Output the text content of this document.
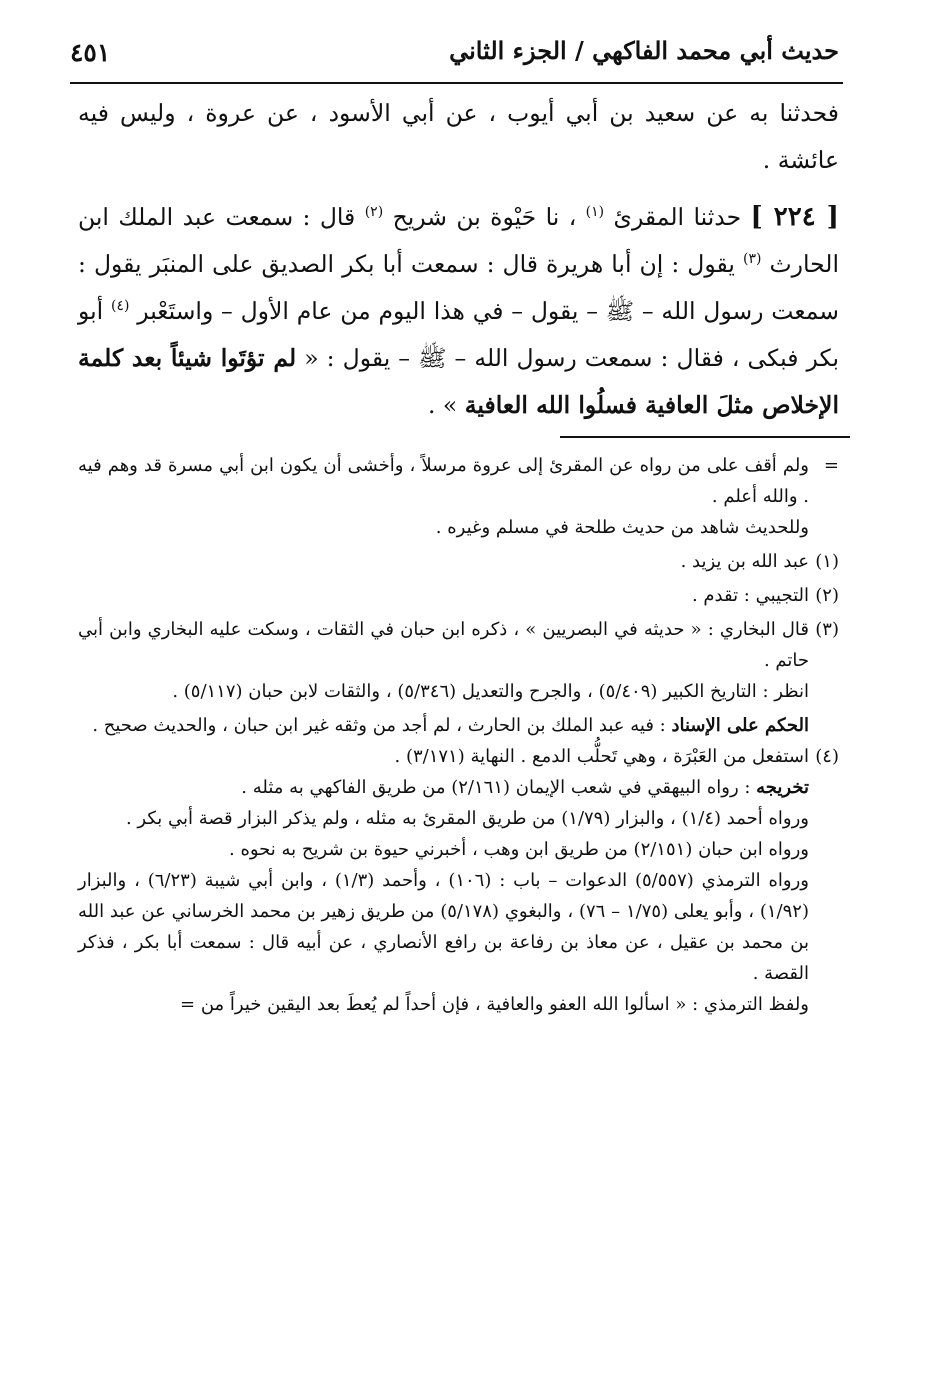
حديث أبي محمد الفاكهي / الجزء الثاني
٤٥١

فحدثنا به عن سعيد بن أبي أيوب ، عن أبي الأسود ، عن عروة ، وليس فيه عائشة .

[ ٢٢٤ ] حدثنا المقرئ $^{(١)}$ ، نا حَيْوة بن شريح $^{(٢)}$ قال : سمعت عبد الملك ابن الحارث $^{(٣)}$ يقول : إن أبا هريرة قال : سمعت أبا بكر الصديق على المنبَر يقول : سمعت رسول الله – ﷺ – يقول – في هذا اليوم من عام الأول – واستَعْبر $^{(٤)}$ أبو بكر فبكى ، فقال : سمعت رسول الله – ﷺ – يقول : « لم تؤتَوا شيئاً بعد كلمة الإخلاص مثلَ العافية فسلُوا الله العافية » .

=
ولم أقف على من رواه عن المقرئ إلى عروة مرسلاً ، وأخشى أن يكون ابن أبي مسرة قد وهم فيه . والله أعلم .

وللحديث شاهد من حديث طلحة في مسلم وغيره .

(١)
عبد الله بن يزيد .

(٢)
التجيبي : تقدم .

(٣)
قال البخاري : « حديثه في البصريين » ، ذكره ابن حبان في الثقات ، وسكت عليه البخاري وابن أبي حاتم .

انظر : التاريخ الكبير (٥/٤٠٩) ، والجرح والتعديل (٥/٣٤٦) ، والثقات لابن حبان (٥/١١٧) .

الحكم على الإسناد : فيه عبد الملك بن الحارث ، لم أجد من وثقه غير ابن حبان ، والحديث صحيح .

(٤)
استفعل من العَبْرَة ، وهي تَحلُّب الدمع . النهاية (٣/١٧١) .

تخريجه : رواه البيهقي في شعب الإيمان (٢/١٦١) من طريق الفاكهي به مثله .

ورواه أحمد (١/٤) ، والبزار (١/٧٩) من طريق المقرئ به مثله ، ولم يذكر البزار قصة أبي بكر .

ورواه ابن حبان (٢/١٥١) من طريق ابن وهب ، أخبرني حيوة بن شريح به نحوه .

ورواه الترمذي (٥/٥٥٧) الدعوات – باب : (١٠٦) ، وأحمد (١/٣) ، وابن أبي شيبة (٦/٢٣) ، والبزار (١/٩٢) ، وأبو يعلى (١/٧٥ – ٧٦) ، والبغوي (٥/١٧٨) من طريق زهير بن محمد الخرساني عن عبد الله بن محمد بن عقيل ، عن معاذ بن رفاعة بن رافع الأنصاري ، عن أبيه قال : سمعت أبا بكر ، فذكر القصة .

ولفظ الترمذي : « اسألوا الله العفو والعافية ، فإن أحداً لم يُعطَ بعد اليقين خيراً من =
